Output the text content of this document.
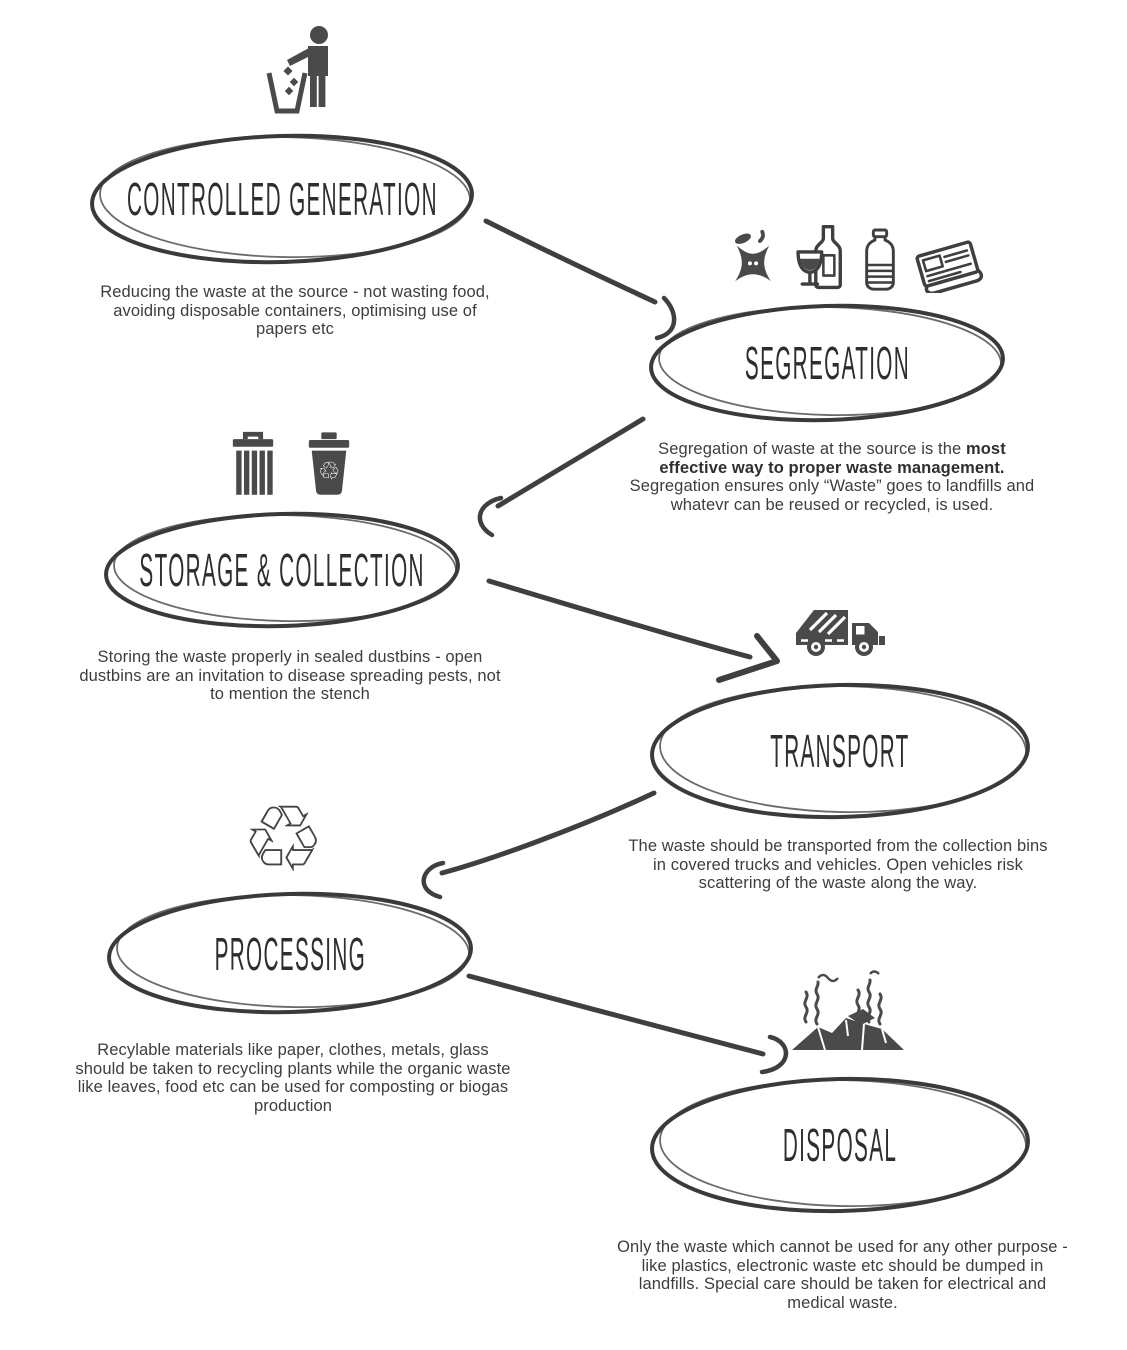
CONTROLLED GENERATION
Reducing the waste at the source - not wasting food, avoiding disposable containers, optimising use of papers etc
SEGREGATION
Segregation of waste at the source is the most effective way to proper waste management. Segregation ensures only “Waste” goes to landfills and whatevr can be reused or recycled, is used.
♲
STORAGE & COLLECTION
Storing the waste properly in sealed dustbins - open dustbins are an invitation to disease spreading pests, not to mention the stench
TRANSPORT
The waste should be transported from the collection bins in covered trucks and vehicles. Open vehicles risk scattering of the waste along the way.
♲
PROCESSING
Recylable materials like paper, clothes, metals, glass should be taken to recycling plants while the organic waste like leaves, food etc can be used for composting or biogas production
DISPOSAL
Only the waste which cannot be used for any other purpose - like plastics, electronic waste etc should be dumped in landfills. Special care should be taken for electrical and medical waste.
